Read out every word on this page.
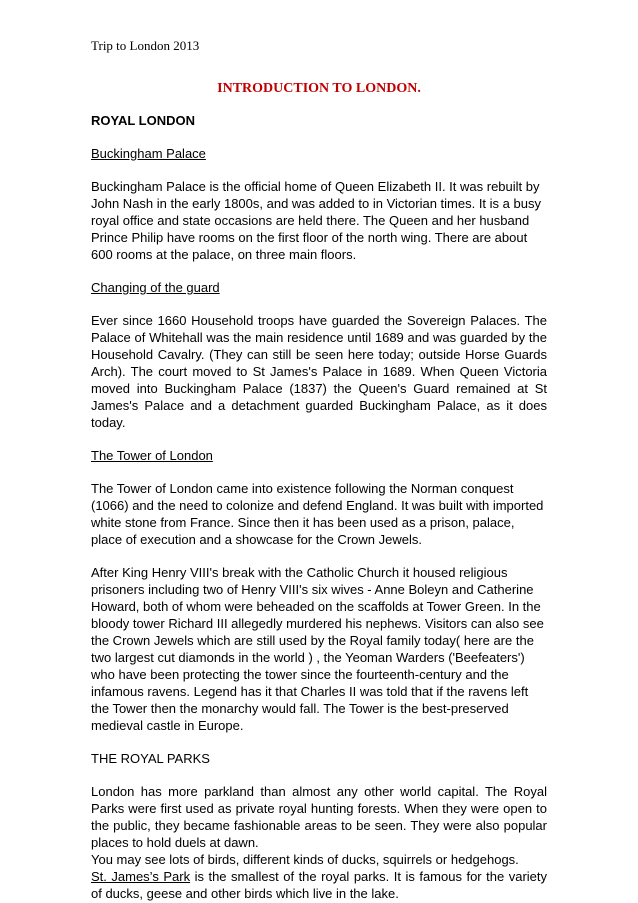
Trip to London 2013
INTRODUCTION TO LONDON.
ROYAL LONDON
Buckingham Palace

Buckingham Palace is the official home of Queen Elizabeth II. It was rebuilt by John Nash in the early 1800s, and was added to in Victorian times. It is a busy royal office and state occasions are held there. The Queen and her husband Prince Philip have rooms on the first floor of the north wing. There are about 600 rooms at the palace, on three main floors.

Changing of the guard

Ever since 1660 Household troops have guarded the Sovereign Palaces. The Palace of Whitehall was the main residence until 1689 and was guarded by the Household Cavalry. (They can still be seen here today; outside Horse Guards Arch). The court moved to St James's Palace in 1689. When Queen Victoria moved into Buckingham Palace (1837) the Queen's Guard remained at St James's Palace and a detachment guarded Buckingham Palace, as it does today.

The Tower of London

The Tower of London came into existence following the Norman conquest (1066) and the need to colonize and defend England. It was built with imported white stone from France. Since then it has been used as a prison, palace, place of execution and a showcase for the Crown Jewels.

After King Henry VIII's break with the Catholic Church it housed religious prisoners including two of Henry VIII's six wives - Anne Boleyn and Catherine Howard, both of whom were beheaded on the scaffolds at Tower Green. In the bloody tower Richard III allegedly murdered his nephews. Visitors can also see the Crown Jewels which are still used by the Royal family today( here are the two largest cut diamonds in the world ) , the Yeoman Warders ('Beefeaters') who have been protecting the tower since the fourteenth-century and the infamous ravens. Legend has it that Charles II was told that if the ravens left the Tower then the monarchy would fall. The Tower is the best-preserved medieval castle in Europe.

THE ROYAL PARKS

London has more parkland than almost any other world capital. The Royal Parks were first used as private royal hunting forests. When they were open to the public, they became fashionable areas to be seen. They were also popular places to hold duels at dawn.

You may see lots of birds, different kinds of ducks, squirrels or hedgehogs.

St. James’s Park is the smallest of the royal parks. It is famous for the variety of ducks, geese and other birds which live in the lake.
